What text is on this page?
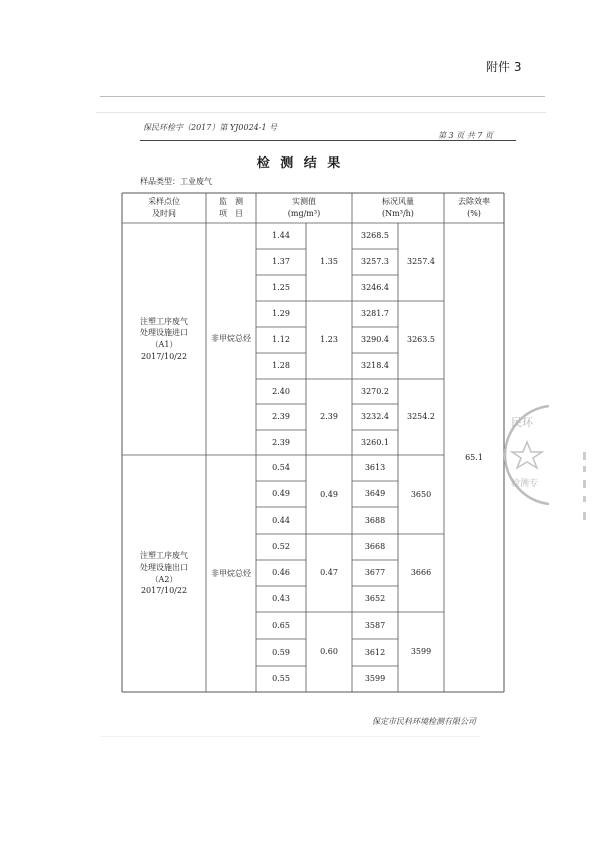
附件 3
保民环检字（2017）第 YJ0024-1 号
第 3 页 共 7 页
检 测 结 果
样品类型：工业废气
采样点位
及时间
监　测
项　目
实测值
(mg/m³)
标况风量
(Nm³/h)
去除效率
(%)
注塑工序废气
处理设施进口
（A1）
2017/10/22
非甲烷总烃
注塑工序废气
处理设施出口
（A2）
2017/10/22
非甲烷总烃
65.1
1.44
1.37
1.25
1.35
3268.5
3257.3
3246.4
3257.4
1.29
1.12
1.28
1.23
3281.7
3290.4
3218.4
3263.5
2.40
2.39
2.39
2.39
3270.2
3232.4
3260.1
3254.2
0.54
0.49
0.44
0.49
3613
3649
3688
3650
0.52
0.46
0.43
0.47
3668
3677
3652
3666
0.65
0.59
0.55
0.60
3587
3612
3599
3599
民环
检测专
保定市民科环境检测有限公司
